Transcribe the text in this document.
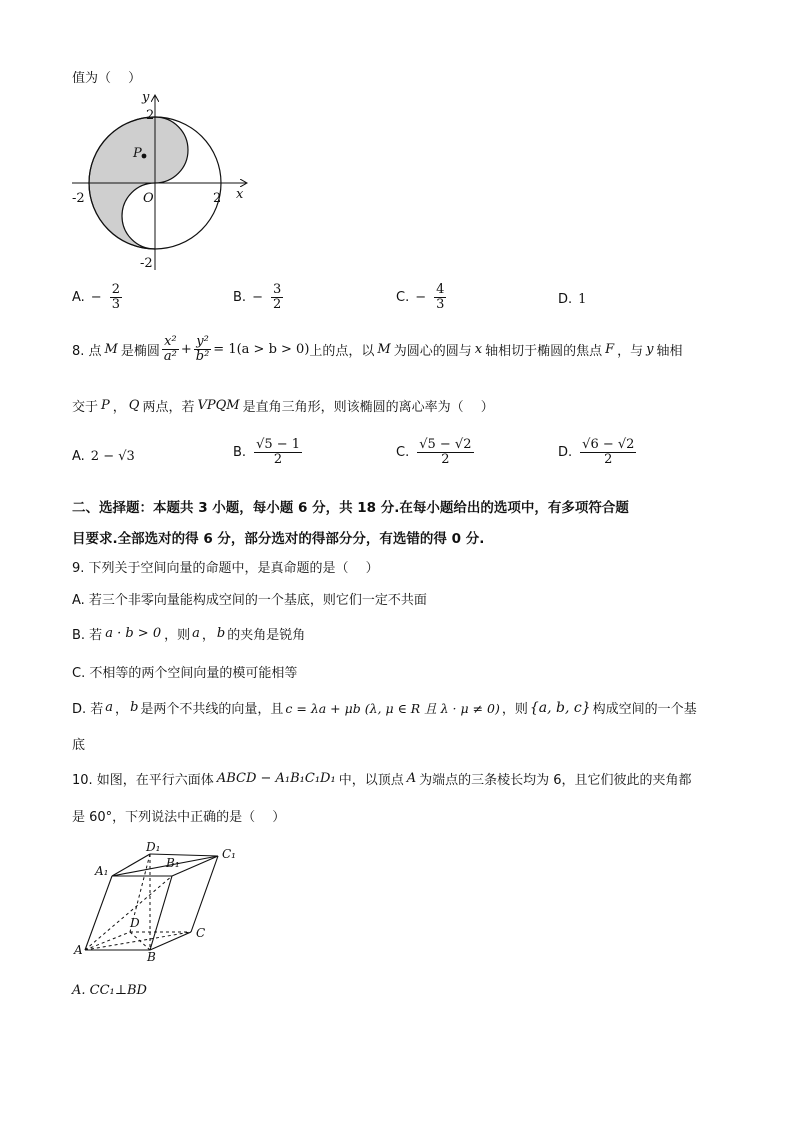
值为（　 ）
y
x
P
O
2
-2
-2	2
A. − $\frac{2}{3}$	B. − $\frac{3}{2}$	C. − $\frac{4}{3}$	D. 1
8. 点 M 是椭圆 $\frac{\text{x²}}{\text{a²}} + \frac{\text{y²}}{\text{b²}} = 1(a > b > 0)$ 上的点，以 M 为圆心的圆与 x 轴相切于椭圆的焦点 F ，与 y 轴相
交于 P ， Q 两点，若 VPQM 是直角三角形，则该椭圆的离心率为（　 ）
A. 2 − √3	B. $\frac{√5 - 1}{2}$	C. $\frac{√5 - √2}{2}$	D. $\frac{√6 - √2}{2}$
二、选择题：本题共 3 小题，每小题 6 分，共 18 分.在每小题给出的选项中，有多项符合题
目要求.全部选对的得 6 分，部分选对的得部分分，有选错的得 0 分.
9. 下列关于空间向量的命题中，是真命题的是（　 ）
A. 若三个非零向量能构成空间的一个基底，则它们一定不共面
B. 若 a · b > 0 ，则 a ， b 的夹角是锐角
C. 不相等的两个空间向量的模可能相等
D. 若 a ， b 是两个不共线的向量，且 c = λa + μb (λ, μ ∈ R 且 λ · μ ≠ 0) ，则 {a, b, c} 构成空间的一个基
底
10. 如图，在平行六面体 ABCD − A₁B₁C₁D₁ 中，以顶点 A 为端点的三条棱长均为 6，且它们彼此的夹角都
是 60°，下列说法中正确的是（　 ）
D₁
B₁
C₁
A₁
D
C
A	B
A. CC₁⊥BD
